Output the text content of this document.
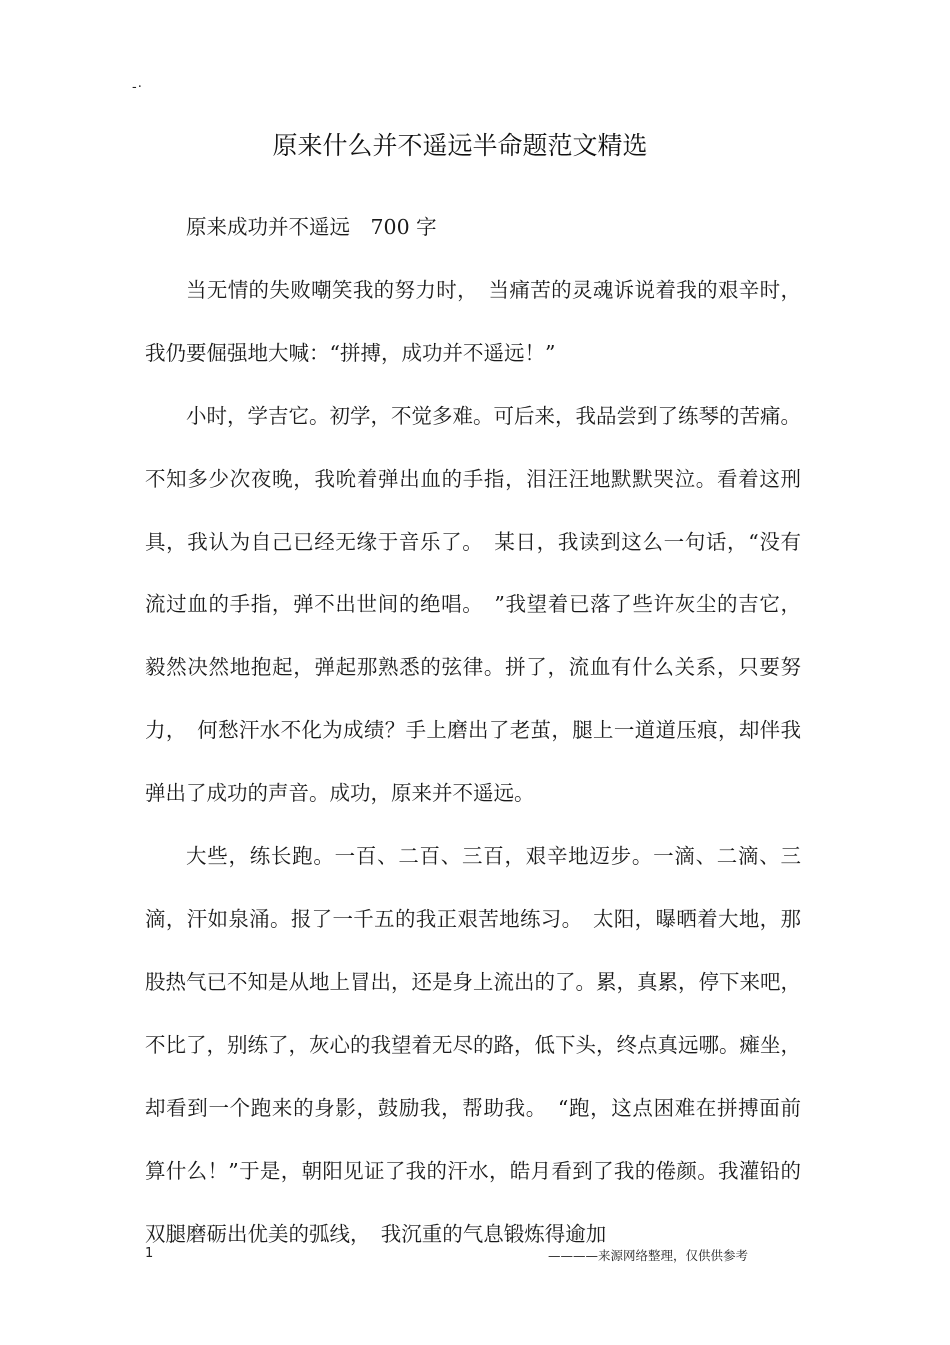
-·
原来什么并不遥远半命题范文精选

原来成功并不遥远　700 字

当无情的失败嘲笑我的努力时，　当痛苦的灵魂诉说着我的艰辛时，我仍要倔强地大喊：“拼搏，成功并不遥远！”

小时，学吉它。初学，不觉多难。可后来，我品尝到了练琴的苦痛。不知多少次夜晚，我吮着弹出血的手指，泪汪汪地默默哭泣。看着这刑具，我认为自己已经无缘于音乐了。　某日，我读到这么一句话，“没有流过血的手指，弹不出世间的绝唱。　”我望着已落了些许灰尘的吉它，毅然决然地抱起，弹起那熟悉的弦律。拼了，流血有什么关系，只要努力，　何愁汗水不化为成绩？手上磨出了老茧，腿上一道道压痕，却伴我弹出了成功的声音。成功，原来并不遥远。

大些，练长跑。一百、二百、三百，艰辛地迈步。一滴、二滴、三滴，汗如泉涌。报了一千五的我正艰苦地练习。　太阳，曝晒着大地，那股热气已不知是从地上冒出，还是身上流出的了。累，真累，停下来吧，不比了，别练了，灰心的我望着无尽的路，低下头，终点真远哪。瘫坐，却看到一个跑来的身影，鼓励我，帮助我。　“跑，这点困难在拼搏面前算什么！”于是，朝阳见证了我的汗水，皓月看到了我的倦颜。我灌铅的双腿磨砺出优美的弧线，　我沉重的气息锻炼得逾加

1	————来源网络整理，仅供供参考
